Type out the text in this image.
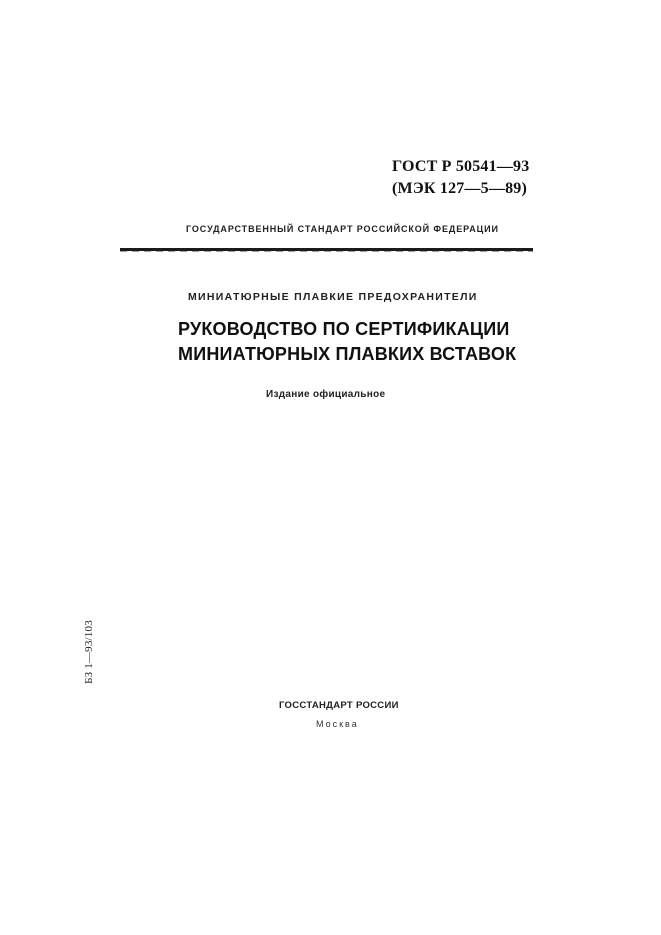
ГОСТ Р 50541—93
(МЭК 127—5—89)
ГОСУДАРСТВЕННЫЙ СТАНДАРТ РОССИЙСКОЙ ФЕДЕРАЦИИ
МИНИАТЮРНЫЕ ПЛАВКИЕ ПРЕДОХРАНИТЕЛИ
РУКОВОДСТВО ПО СЕРТИФИКАЦИИ
МИНИАТЮРНЫХ ПЛАВКИХ ВСТАВОК
Издание официальное
БЗ 1—93/103
ГОССТАНДАРТ РОССИИ
Москва
